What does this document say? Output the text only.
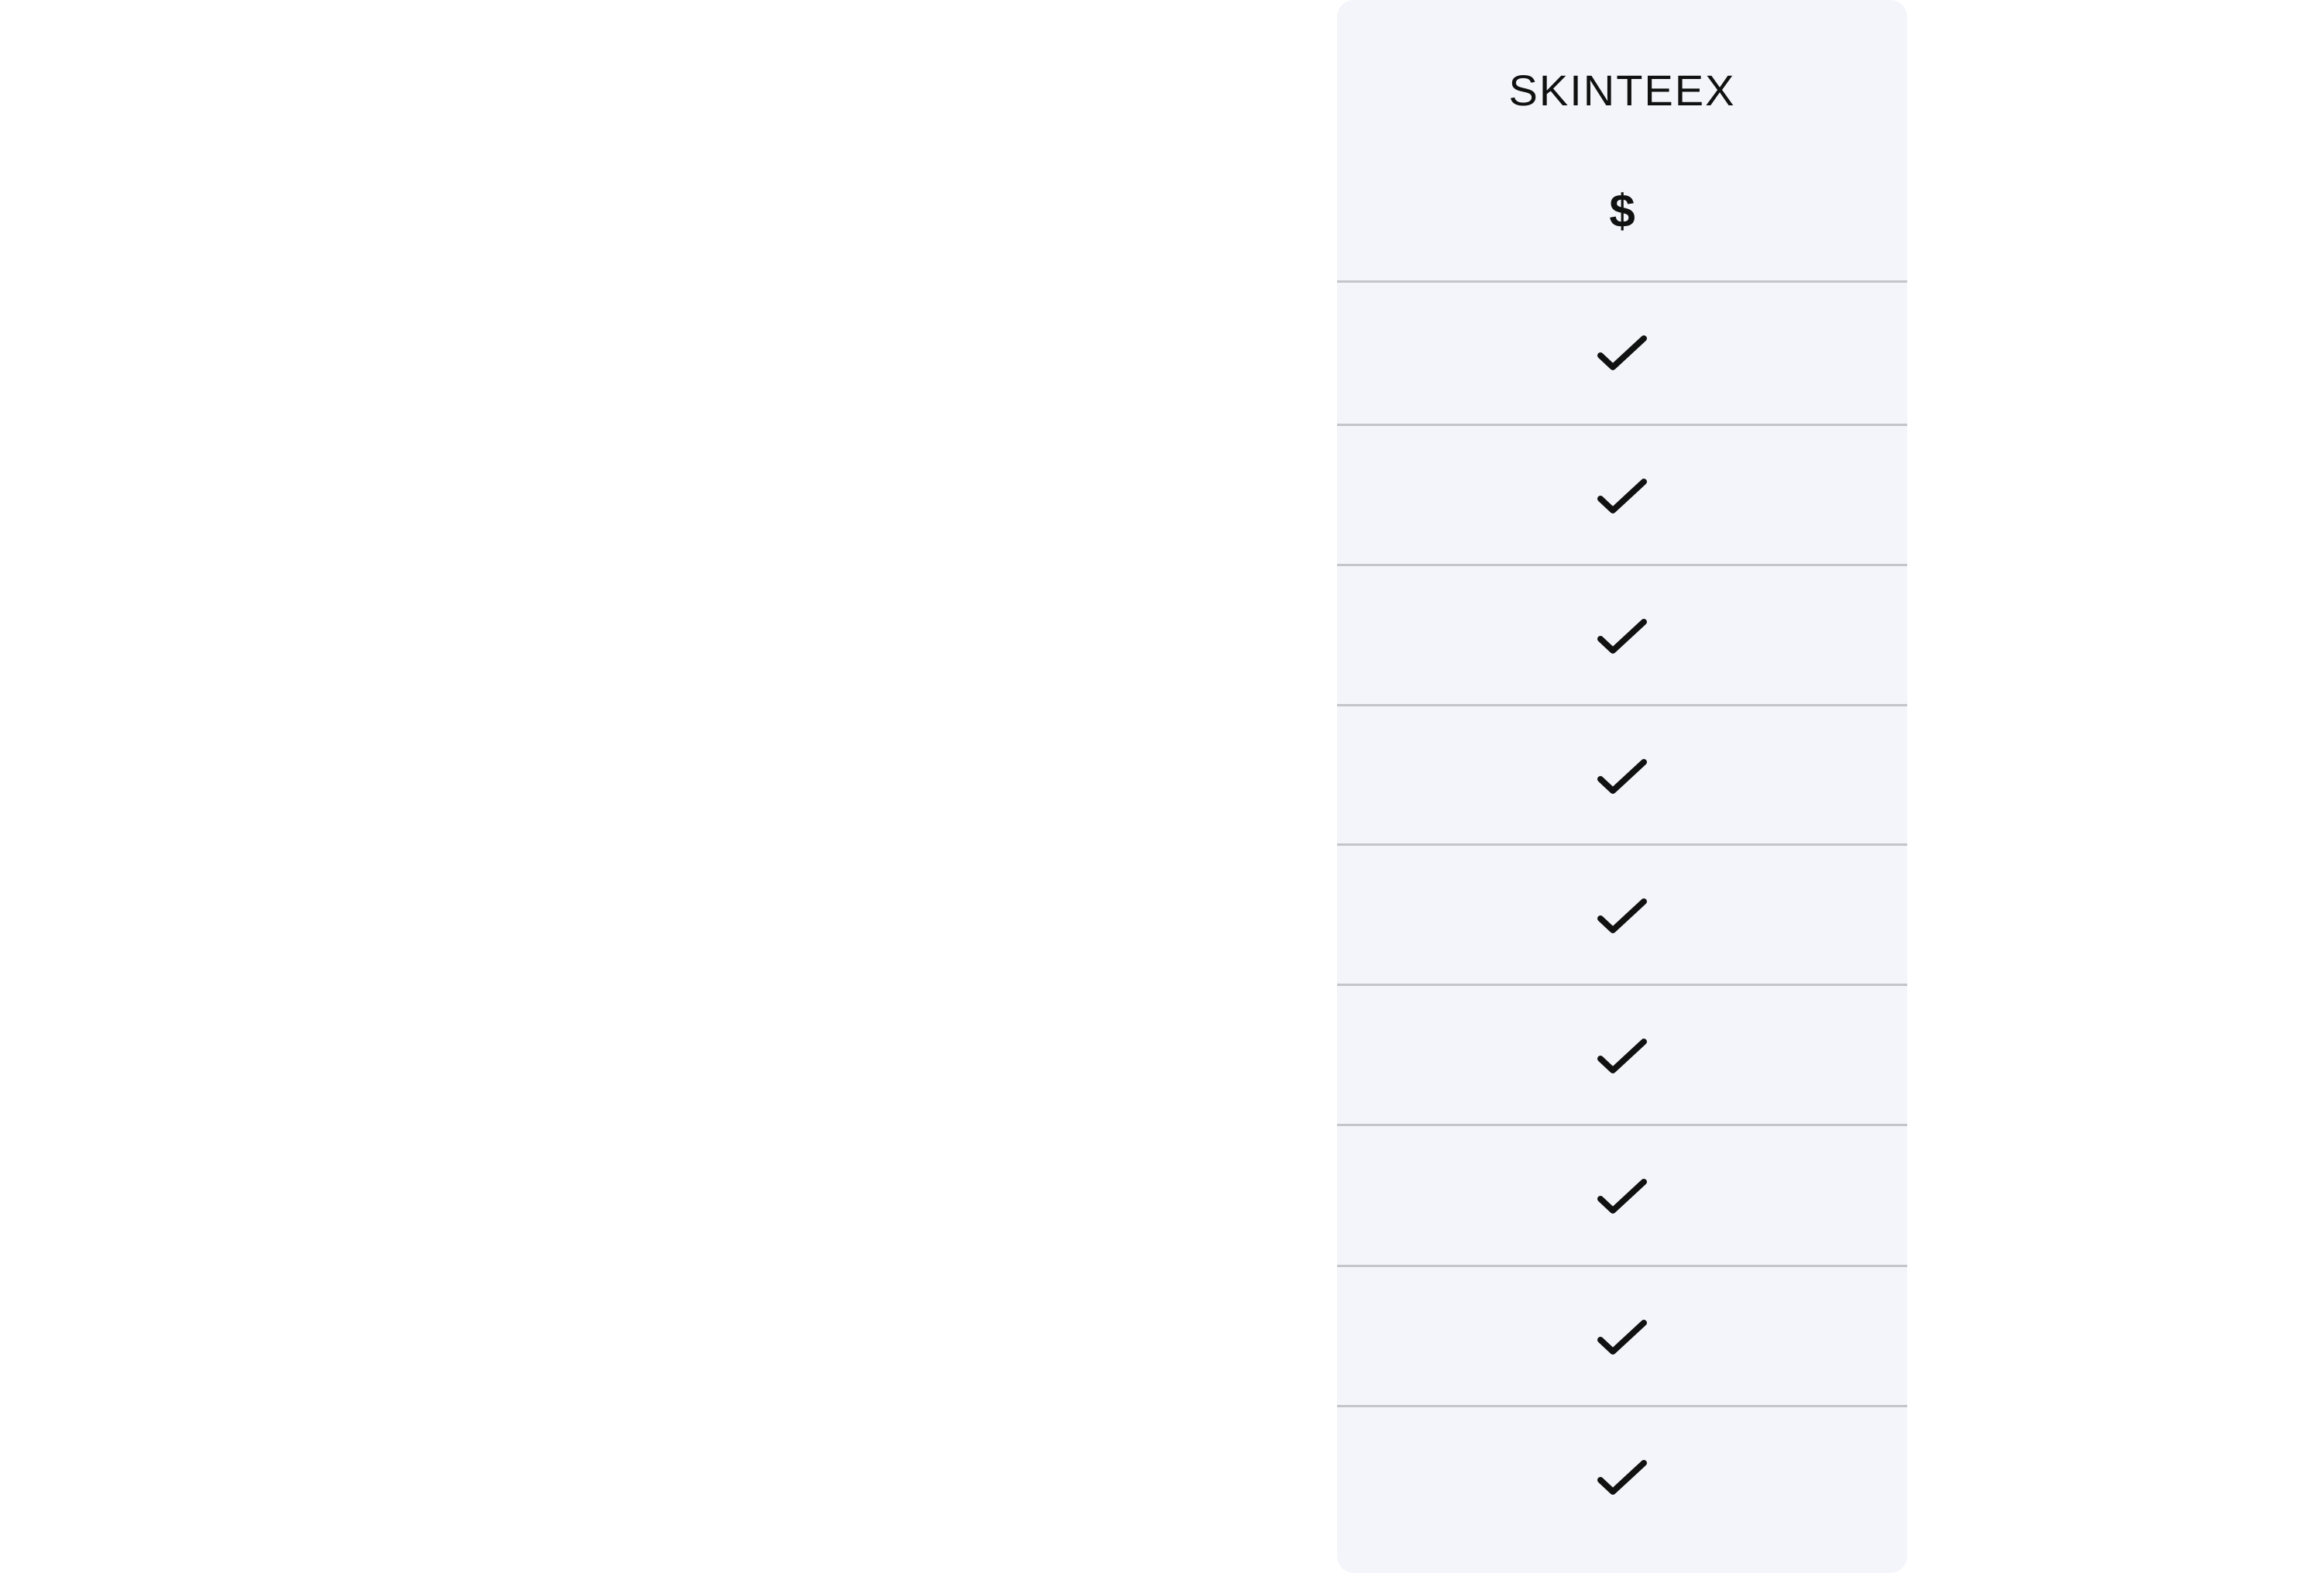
SKINTEEX
$
